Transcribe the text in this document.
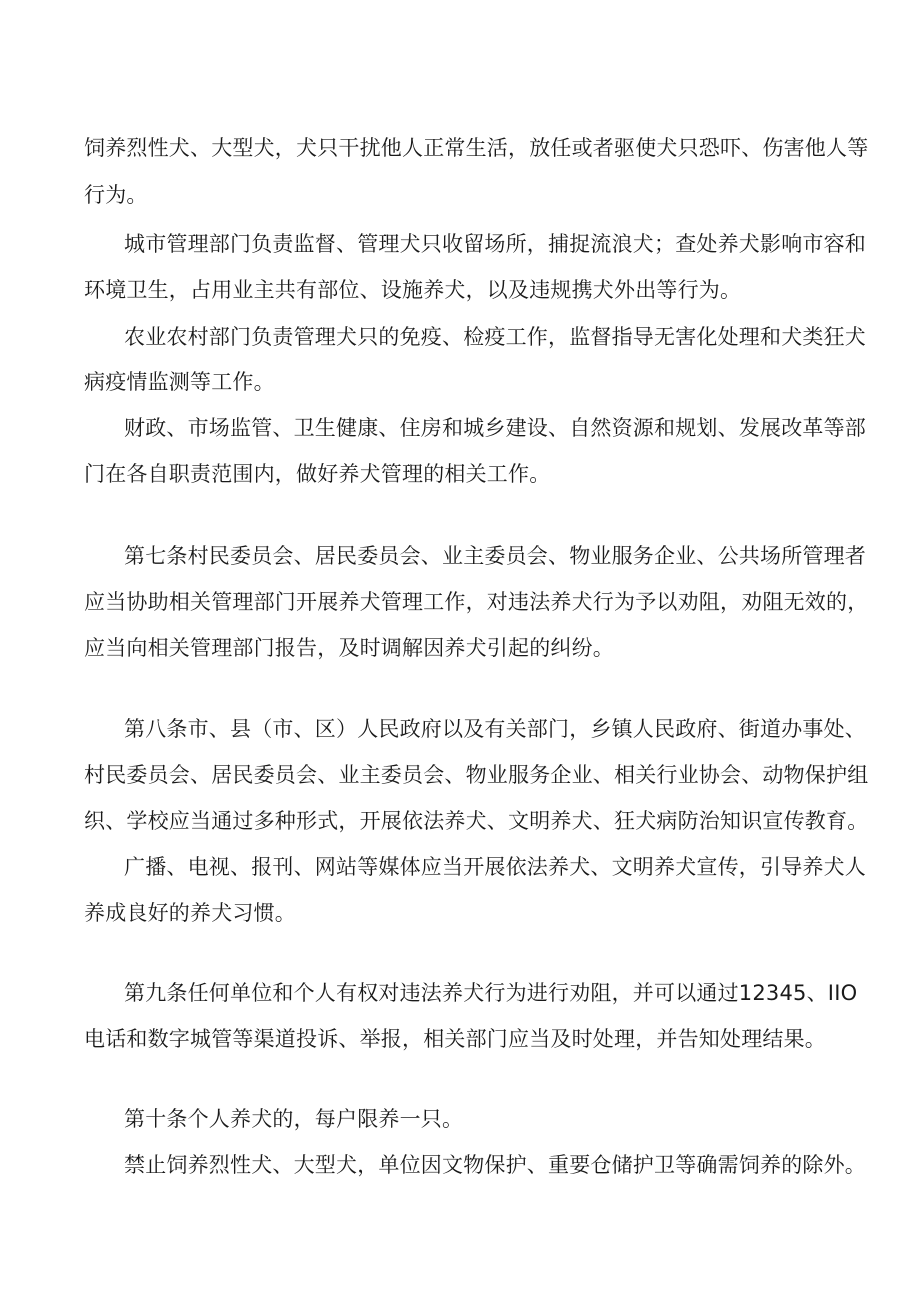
饲养烈性犬、大型犬，犬只干扰他人正常生活，放任或者驱使犬只恐吓、伤害他人等
行为。
城市管理部门负责监督、管理犬只收留场所，捕捉流浪犬；查处养犬影响市容和
环境卫生，占用业主共有部位、设施养犬，以及违规携犬外出等行为。
农业农村部门负责管理犬只的免疫、检疫工作，监督指导无害化处理和犬类狂犬
病疫情监测等工作。
财政、市场监管、卫生健康、住房和城乡建设、自然资源和规划、发展改革等部
门在各自职责范围内，做好养犬管理的相关工作。
第七条村民委员会、居民委员会、业主委员会、物业服务企业、公共场所管理者
应当协助相关管理部门开展养犬管理工作，对违法养犬行为予以劝阻，劝阻无效的，
应当向相关管理部门报告，及时调解因养犬引起的纠纷。
第八条市、县（市、区）人民政府以及有关部门，乡镇人民政府、街道办事处、
村民委员会、居民委员会、业主委员会、物业服务企业、相关行业协会、动物保护组
织、学校应当通过多种形式，开展依法养犬、文明养犬、狂犬病防治知识宣传教育。
广播、电视、报刊、网站等媒体应当开展依法养犬、文明养犬宣传，引导养犬人
养成良好的养犬习惯。
第九条任何单位和个人有权对违法养犬行为进行劝阻，并可以通过12345、IIO
电话和数字城管等渠道投诉、举报，相关部门应当及时处理，并告知处理结果。
第十条个人养犬的，每户限养一只。
禁止饲养烈性犬、大型犬，单位因文物保护、重要仓储护卫等确需饲养的除外。
